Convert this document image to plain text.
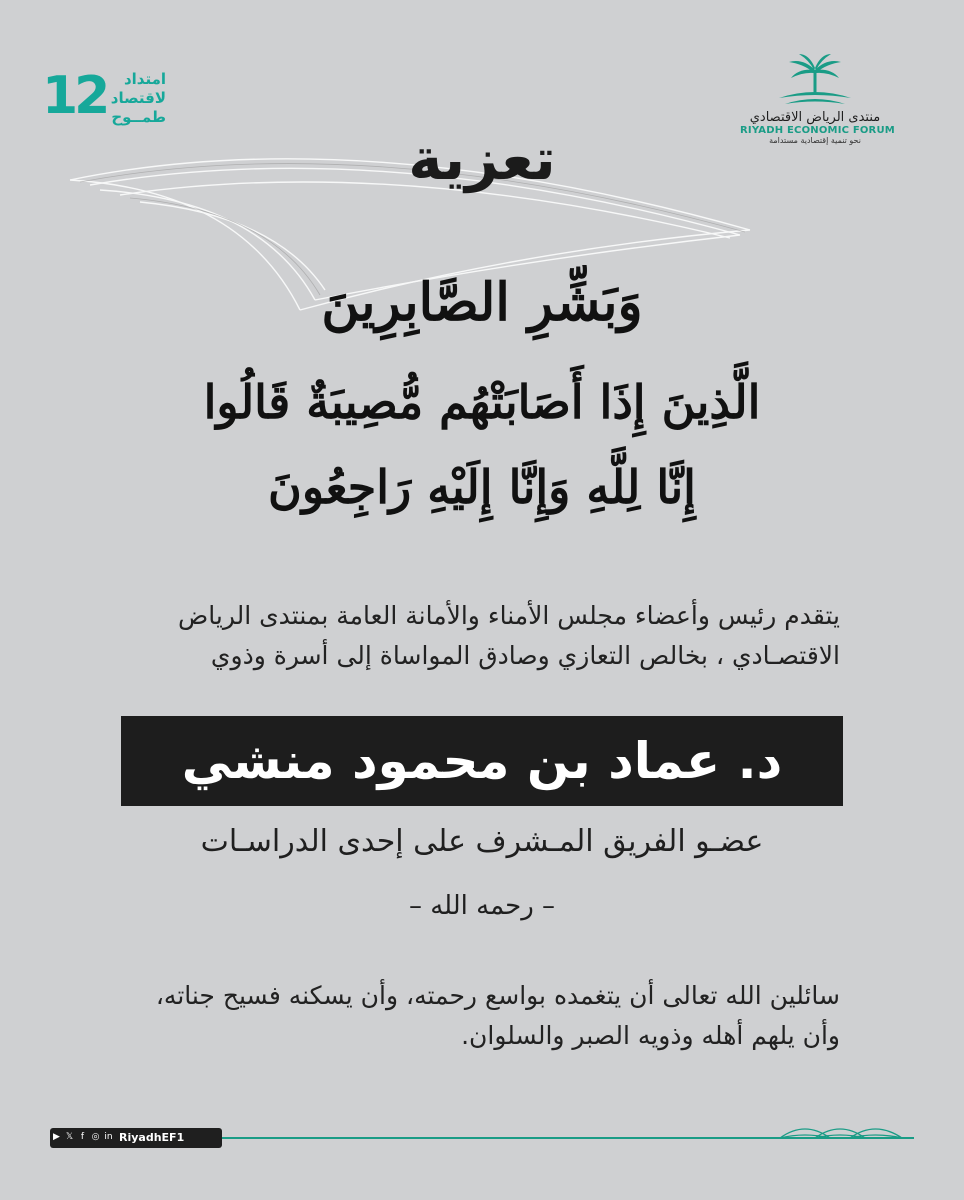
12	امتداد
لاقتصاد
طمــوح	منتدى الرياض الاقتصادي
RIYADH ECONOMIC FORUM
نحو تنمية إقتصادية مستدامة
تعزية
وَبَشِّرِ الصَّابِرِينَ
الَّذِينَ إِذَا أَصَابَتْهُم مُّصِيبَةٌ قَالُوا
إِنَّا لِلَّهِ وَإِنَّا إِلَيْهِ رَاجِعُونَ
يتقدم رئيس وأعضاء مجلس الأمناء والأمانة العامة بمنتدى الرياض
الاقتصـادي ، بخالص التعازي وصادق المواساة إلى أسرة وذوي
د. عماد بن محمود منشي
عضـو الفريق المـشرف على إحدى الدراسـات
– رحمه الله –
سائلين الله تعالى أن يتغمده بواسع رحمته، وأن يسكنه فسيح جناته،
وأن يلهم أهله وذويه الصبر والسلوان.
▶ 𝕏 f ◎ in RiyadhEF1
